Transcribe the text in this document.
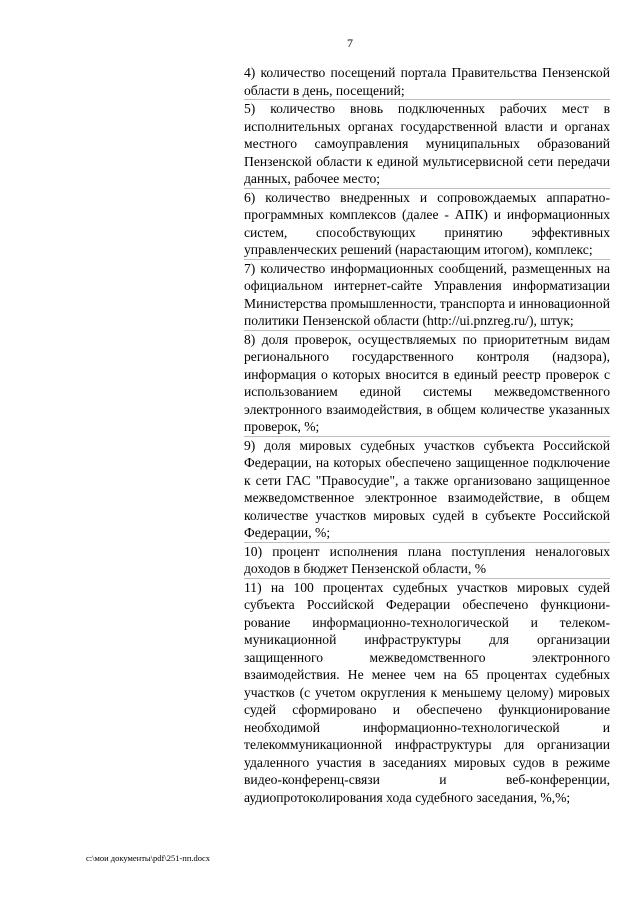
7

4) количество посещений портала Правительства Пензенской области в день, посещений;

5) количество вновь подключенных рабочих мест в исполнительных органах государственной власти и органах местного самоуправления муниципальных образований Пензенской области к единой мультисервисной сети передачи данных, рабочее место;

6) количество внедренных и сопровождаемых аппаратно-программных комплексов (далее - АПК) и информационных систем, способствующих принятию эффективных управленческих решений (нарастающим итогом), комплекс;

7) количество информационных сообщений, размещенных на официальном интернет-сайте Управления информатизации Министерства промышленности, транспорта и инновационной политики Пензенской области (http://ui.pnzreg.ru/), штук;

8) доля проверок, осуществляемых по приоритетным видам регионального государственного контроля (надзора), информация о которых вносится в единый реестр проверок с использованием единой системы межведомственного электронного взаимодействия, в общем количестве указанных проверок, %;

9) доля мировых судебных участков субъекта Российской Федерации, на которых обеспечено защищенное подключение к сети ГАС "Правосудие", а также организовано защищенное межведомственное электронное взаимодействие, в общем количестве участков мировых судей в субъекте Российской Федерации, %;

10) процент исполнения плана поступления неналоговых доходов в бюджет Пензенской области, %

11) на 100 процентах судебных участков мировых судей субъекта Российской Федерации обеспечено функционирование информационно-технологической и телекоммуникационной инфраструктуры для организации защищенного межведомственного электронного взаимодействия. Не менее чем на 65 процентах судебных участков (с учетом округления к меньшему целому) мировых судей сформировано и обеспечено функционирование необходимой информационно-технологической и телекоммуникационной инфраструктуры для организации удаленного участия в заседаниях мировых судов в режиме видео-конференц-связи и веб-конференции, аудиопротоколирования хода судебного заседания, %,%;

c:\мои документы\pdf\251-пп.docx
